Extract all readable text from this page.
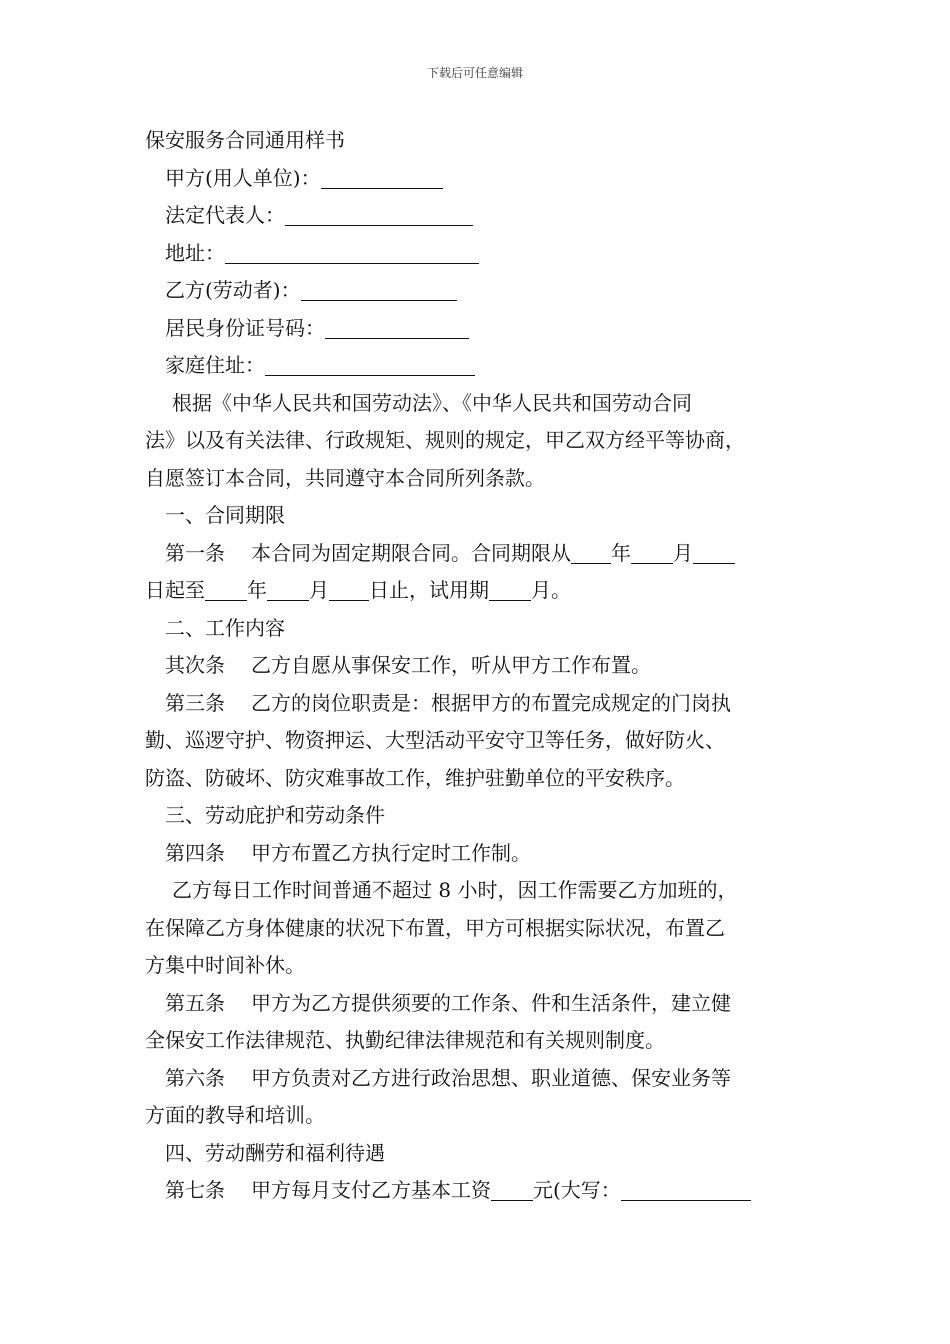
下载后可任意编辑
保安服务合同通用样书
甲方(用人单位)：
法定代表人：
地址：
乙方(劳动者)：
居民身份证号码：
家庭住址：
根据《中华人民共和国劳动法》、《中华人民共和国劳动合同
法》以及有关法律、行政规矩、规则的规定，甲乙双方经平等协商，
自愿签订本合同，共同遵守本合同所列条款。
一、合同期限
第一条 本合同为固定期限合同。合同期限从 年 月
日起至 年 月 日止，试用期 月。
二、工作内容
其次条 乙方自愿从事保安工作，听从甲方工作布置。
第三条 乙方的岗位职责是：根据甲方的布置完成规定的门岗执
勤、巡逻守护、物资押运、大型活动平安守卫等任务，做好防火、
防盗、防破坏、防灾难事故工作，维护驻勤单位的平安秩序。
三、劳动庇护和劳动条件
第四条 甲方布置乙方执行定时工作制。
乙方每日工作时间普通不超过 8 小时，因工作需要乙方加班的，
在保障乙方身体健康的状况下布置，甲方可根据实际状况，布置乙
方集中时间补休。
第五条 甲方为乙方提供须要的工作条、件和生活条件，建立健
全保安工作法律规范、执勤纪律法律规范和有关规则制度。
第六条 甲方负责对乙方进行政治思想、职业道德、保安业务等
方面的教导和培训。
四、劳动酬劳和福利待遇
第七条 甲方每月支付乙方基本工资 元(大写：
